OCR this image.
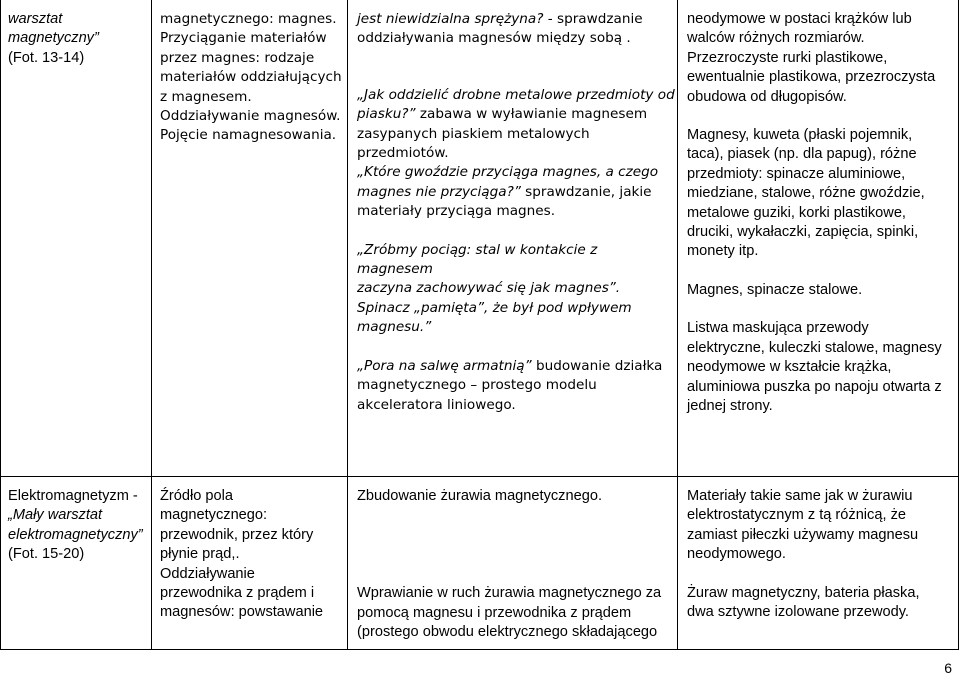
warsztat

magnetyczny”

(Fot. 13-14)

magnetycznego: magnes.

Przyciąganie materiałów

przez magnes: rodzaje

materiałów oddziałujących

z magnesem.

Oddziaływanie magnesów.

Pojęcie namagnesowania.

jest niewidzialna sprężyna? - sprawdzanie

oddziaływania magnesów między sobą .

„Jak oddzielić drobne metalowe przedmioty od

piasku?” zabawa w wyławianie magnesem

zasypanych piaskiem metalowych

przedmiotów.

„Które gwoździe przyciąga magnes, a czego

magnes nie przyciąga?” sprawdzanie, jakie

materiały przyciąga magnes.

„Zróbmy pociąg: stal w kontakcie z magnesem

zaczyna zachowywać się jak magnes”.

Spinacz „pamięta”, że był pod wpływem

magnesu.”

„Pora na salwę armatnią” budowanie działka

magnetycznego – prostego modelu

akceleratora liniowego.

neodymowe w postaci krążków lub

walców różnych rozmiarów.

Przezroczyste rurki plastikowe,

ewentualnie plastikowa, przezroczysta

obudowa od długopisów.

Magnesy, kuweta (płaski pojemnik,

taca), piasek (np. dla papug), różne

przedmioty: spinacze aluminiowe,

miedziane, stalowe, różne gwoździe,

metalowe guziki, korki plastikowe,

druciki, wykałaczki, zapięcia, spinki,

monety itp.

Magnes, spinacze stalowe.

Listwa maskująca przewody

elektryczne, kuleczki stalowe, magnesy

neodymowe w kształcie krążka,

aluminiowa puszka po napoju otwarta z

jednej strony.

Elektromagnetyzm -

„Mały warsztat

elektromagnetyczny”

(Fot. 15-20)

Źródło pola

magnetycznego:

przewodnik, przez który

płynie prąd,.

Oddziaływanie

przewodnika z prądem i

magnesów: powstawanie

Zbudowanie żurawia magnetycznego.

Wprawianie w ruch żurawia magnetycznego za

pomocą magnesu i przewodnika z prądem

(prostego obwodu elektrycznego składającego

Materiały takie same jak w żurawiu

elektrostatycznym z tą różnicą, że

zamiast piłeczki używamy magnesu

neodymowego.

Żuraw magnetyczny, bateria płaska,

dwa sztywne izolowane przewody.

6
